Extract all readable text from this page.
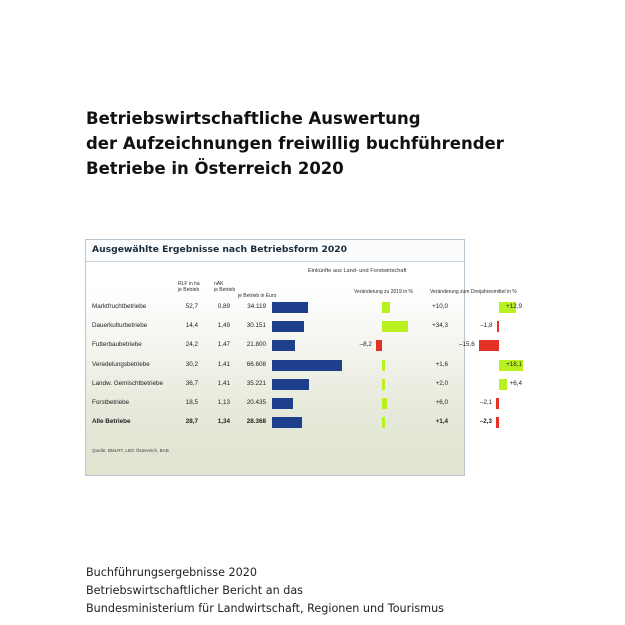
Betriebswirtschaftliche Auswertung
der Aufzeichnungen freiwillig buchführender
Betriebe in Österreich 2020
Ausgewählte Ergebnisse nach Betriebsform 2020
Einkünfte aus Land- und Forstwirtschaft
RLF in ha
je Betrieb
nAK
je Betrieb
je Betrieb in Euro
Veränderung zu 2019 in %	Veränderung zum Dreijahresmittel in %
Marktfruchtbetriebe	52,7	0,89	34.119	+10,0	+12,9
Dauerkulturbetriebe	14,4	1,49	30.151	+34,3	–1,8
Futterbaubetriebe	24,2	1,47	21.800	–8,2	–15,6
Veredelungsbetriebe	30,2	1,41	66.608	+1,6	+18,1
Landw. Gemischtbetriebe	36,7	1,41	35.221	+2,0	+6,4
Forstbetriebe	18,5	1,13	20.435	+6,0	–2,1
Alle Betriebe	28,7	1,34	28.368	+1,4	–2,3
Quelle: BMLRT, LBG Österreich, BAB
Buchführungsergebnisse 2020
Betriebswirtschaftlicher Bericht an das
Bundesministerium für Landwirtschaft, Regionen und Tourismus
